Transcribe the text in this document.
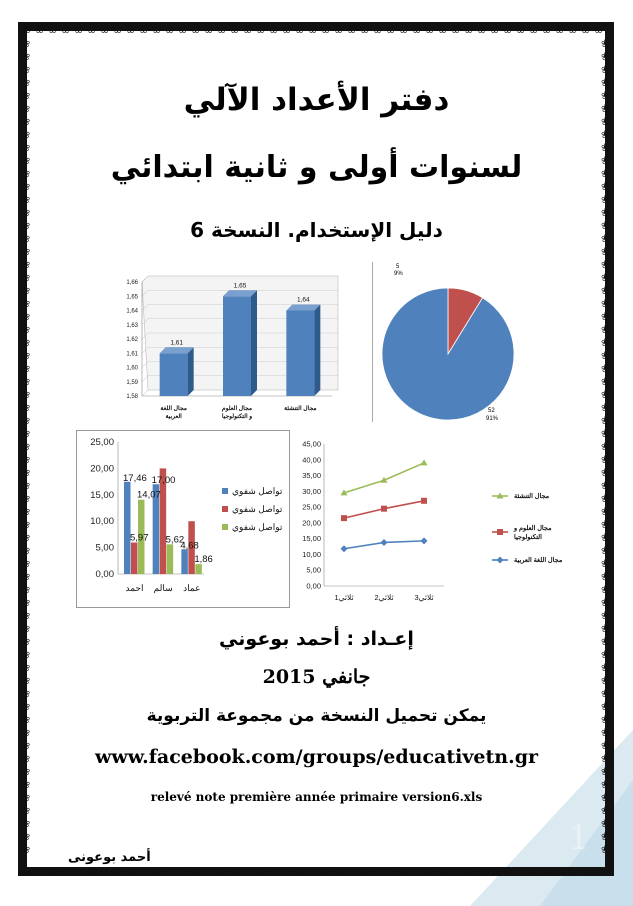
❀
❀
❀
❀
❀
❀
❀
❀
❀
❀
❀
❀
❀
❀
❀
❀
❀
❀
❀
❀
❀
❀
❀
❀
❀
❀
❀
❀
❀
❀
❀
❀
❀
❀
❀
❀
❀
❀
❀
❀
❀
❀
❀
❀
❀
❀
❀
❀
❀
❀
❀
❀
❀
❀
❀
❀
❀
❀
❀
❀
❀
❀
❀
❀
❀
❀
❀
❀
❀
❀
❀
❀
❀
❀
❀
❀
❀
❀
❀
❀
❀
❀
❀
❀
❀
❀
❀
❀
❀
❀
❀	❀
❀	❀
❀	❀
❀	❀
❀	❀
❀	❀
❀	❀
❀	❀
❀	❀
❀	❀
❀	❀
❀	❀
❀	❀
❀	❀
❀	❀
❀	❀
❀	❀
❀	❀
❀	❀
❀	❀
❀	❀
❀	❀
❀	❀
❀	❀
❀	❀
❀	❀
❀	❀
❀	❀
❀	❀
❀	❀
❀	❀
❀	❀
❀	❀
❀	❀
❀	❀
❀	❀
❀	❀
❀	❀
❀	❀
❀	❀
❀	❀
❀	❀
❀	❀
❀	❀
❀	❀
❀	❀
❀	❀
❀	❀
❀	❀
❀	❀
❀	❀
❀	❀
❀	❀
❀	❀
❀	❀
❀	❀
❀	❀
❀	❀
❀	❀
❀	❀
❀	❀
❀	❀
❀	❀
دفتر الأعداد الآلي
لسنوات أولى و ثانية ابتدائي
دليل الإستخدام. النسخة 6
1,58
1,59
1,60
1,61
1,62
1,63
1,64
1,65
1,66
1,61
مجال اللغة
العربية
1,65
مجال العلوم
و التكنولوجيا
1,64
مجال التنشئة
5
9%
52
91%
0,00
5,00
10,00
15,00
20,00
25,00
احمد سالم عماد
17,46 17,00
4,68
5,97
14,07
5,62
1,86
تواصل شفوي
تواصل شفوي
تواصل شفوي
0,00
5,00
10,00
15,00
20,00
25,00
30,00
35,00
40,00
45,00
ثلاثي1	ثلاثي2	ثلاثي3
مجال التنشئة
مجال العلوم و
التكنولوجيا
مجال اللغة العربية
إعـداد : أحمد بوعوني
جانفي 2015
يمكن تحميل النسخة من مجموعة التربوية
www.facebook.com/groups/educativetn.gr
relevé note première année primaire version6.xls
أحمد بوعونى	1
